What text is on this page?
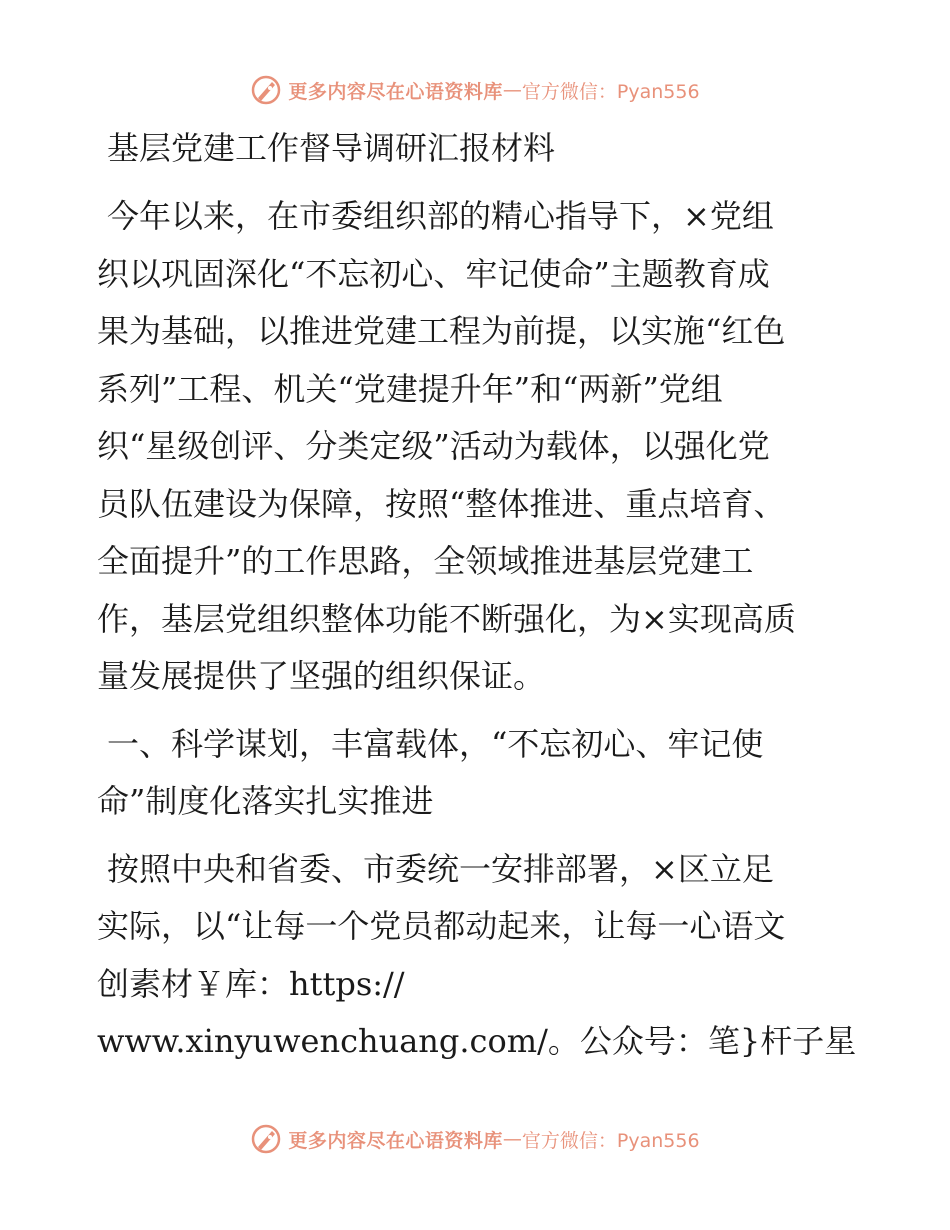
更多内容尽在心语资料库 — 官方微信：Pyan556
基层党建工作督导调研汇报材料
今年以来，在市委组织部的精心指导下，×党组
织以巩固深化“不忘初心、牢记使命”主题教育成
果为基础，以推进党建工程为前提，以实施“红色
系列”工程、机关“党建提升年”和“两新”党组
织“星级创评、分类定级”活动为载体，以强化党
员队伍建设为保障，按照“整体推进、重点培育、
全面提升”的工作思路，全领域推进基层党建工
作，基层党组织整体功能不断强化，为×实现高质
量发展提供了坚强的组织保证。
一、科学谋划，丰富载体，“不忘初心、牢记使
命”制度化落实扎实推进
按照中央和省委、市委统一安排部署，×区立足
实际，以“让每一个党员都动起来，让每一心语文
创素材￥库：https://
www.xinyuwenchuang.com/。公众号：笔}杆子星
更多内容尽在心语资料库 — 官方微信：Pyan556
